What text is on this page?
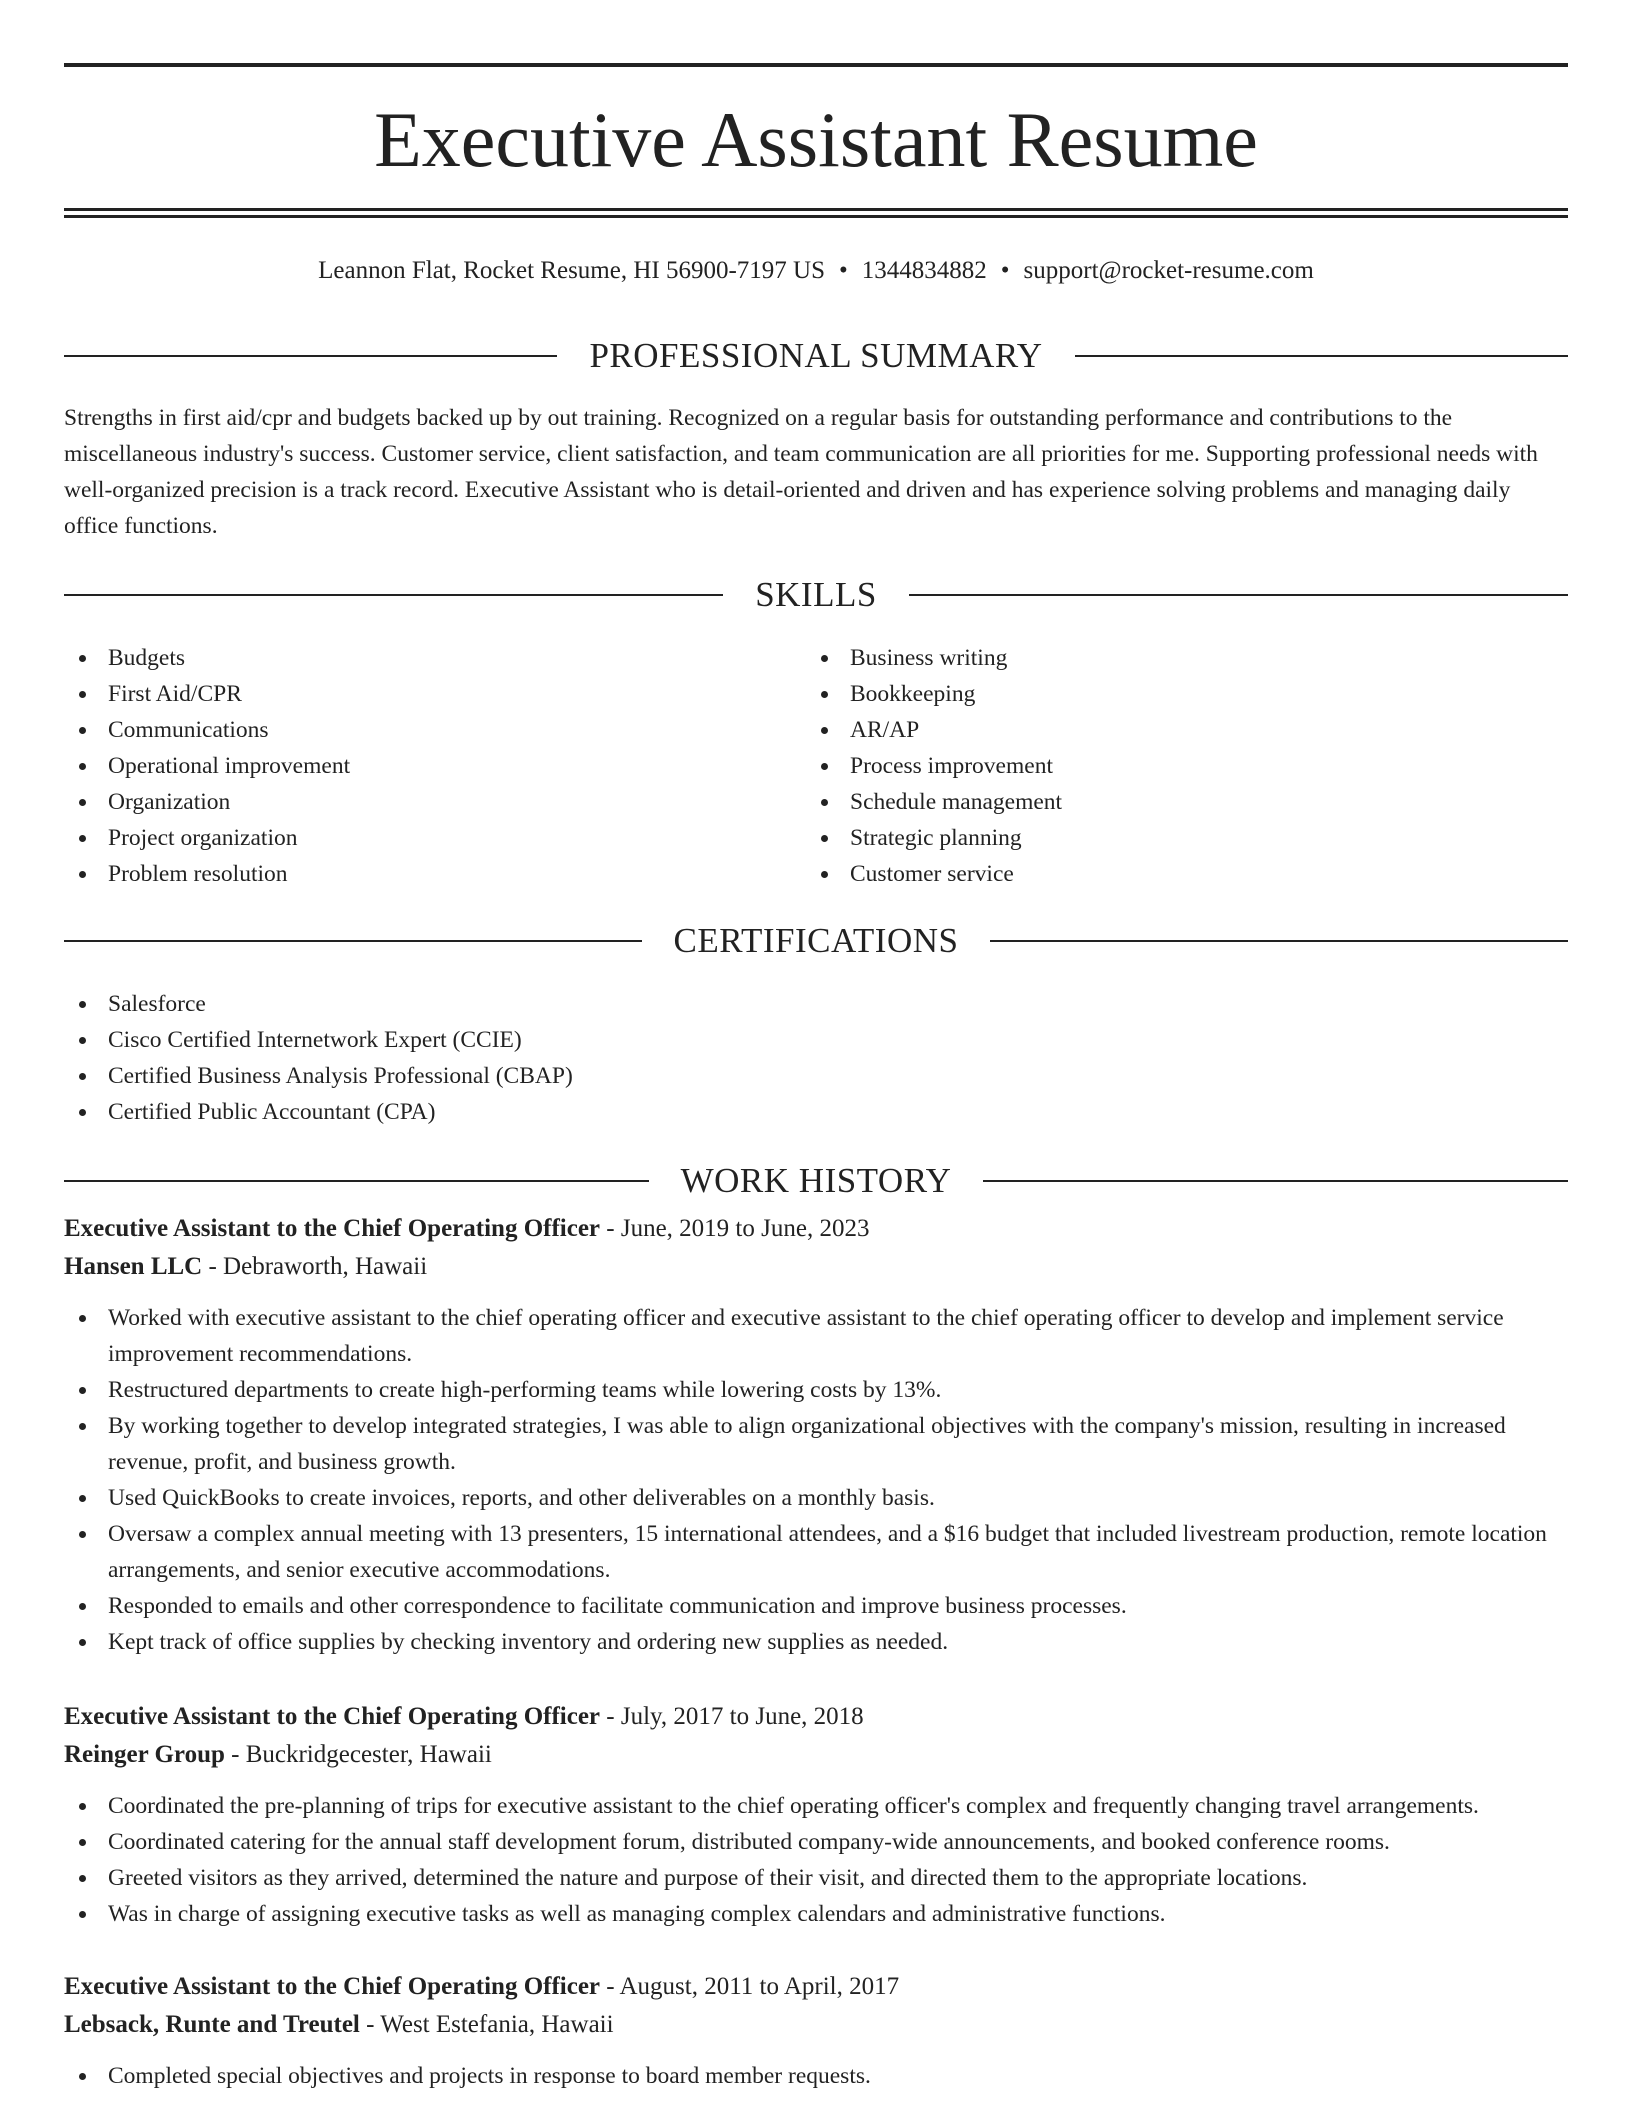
Executive Assistant Resume
Leannon Flat, Rocket Resume, HI 56900-7197 US • 1344834882 • support@rocket-resume.com
PROFESSIONAL SUMMARY

Strengths in first aid/cpr and budgets backed up by out training. Recognized on a regular basis for outstanding performance and contributions to the miscellaneous industry's success. Customer service, client satisfaction, and team communication are all priorities for me. Supporting professional needs with well-organized precision is a track record. Executive Assistant who is detail-oriented and driven and has experience solving problems and managing daily office functions.

SKILLS
Budgets
First Aid/CPR
Communications
Operational improvement
Organization
Project organization
Problem resolution
Business writing
Bookkeeping
AR/AP
Process improvement
Schedule management
Strategic planning
Customer service
CERTIFICATIONS
Salesforce
Cisco Certified Internetwork Expert (CCIE)
Certified Business Analysis Professional (CBAP)
Certified Public Accountant (CPA)
WORK HISTORY
Executive Assistant to the Chief Operating Officer - June, 2019 to June, 2023
Hansen LLC - Debraworth, Hawaii
Worked with executive assistant to the chief operating officer and executive assistant to the chief operating officer to develop and implement service improvement recommendations.
Restructured departments to create high-performing teams while lowering costs by 13%.
By working together to develop integrated strategies, I was able to align organizational objectives with the company's mission, resulting in increased revenue, profit, and business growth.
Used QuickBooks to create invoices, reports, and other deliverables on a monthly basis.
Oversaw a complex annual meeting with 13 presenters, 15 international attendees, and a $16 budget that included livestream production, remote location arrangements, and senior executive accommodations.
Responded to emails and other correspondence to facilitate communication and improve business processes.
Kept track of office supplies by checking inventory and ordering new supplies as needed.
Executive Assistant to the Chief Operating Officer - July, 2017 to June, 2018
Reinger Group - Buckridgecester, Hawaii
Coordinated the pre-planning of trips for executive assistant to the chief operating officer's complex and frequently changing travel arrangements.
Coordinated catering for the annual staff development forum, distributed company-wide announcements, and booked conference rooms.
Greeted visitors as they arrived, determined the nature and purpose of their visit, and directed them to the appropriate locations.
Was in charge of assigning executive tasks as well as managing complex calendars and administrative functions.
Executive Assistant to the Chief Operating Officer - August, 2011 to April, 2017
Lebsack, Runte and Treutel - West Estefania, Hawaii
Completed special objectives and projects in response to board member requests.
